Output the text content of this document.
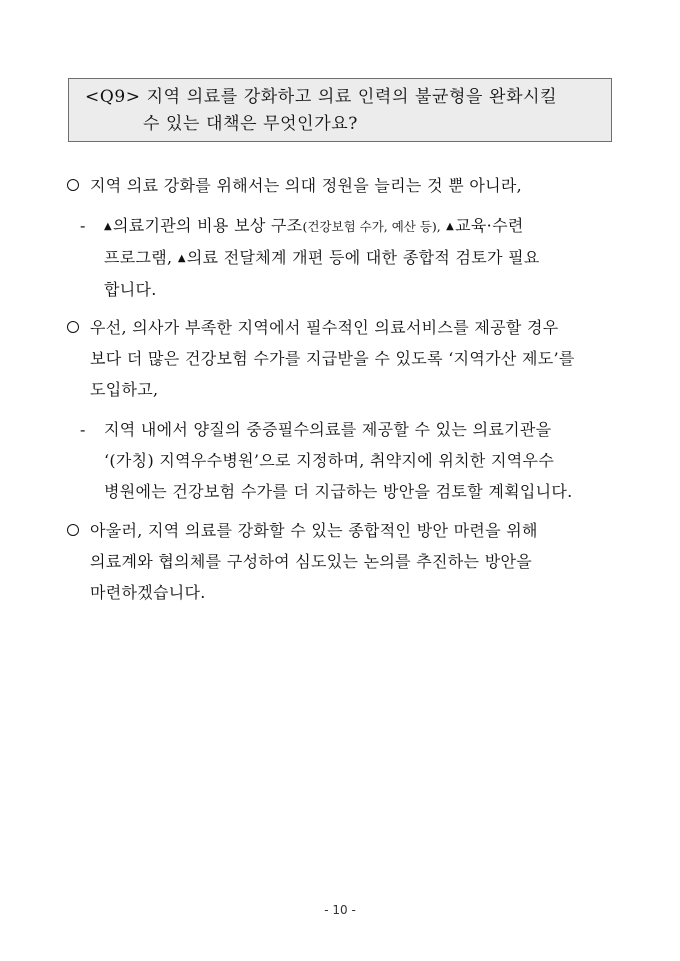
<Q9> 지역 의료를 강화하고 의료 인력의 불균형을 완화시킬
수 있는 대책은 무엇인가요?
지역 의료 강화를 위해서는 의대 정원을 늘리는 것 뿐 아니라,
-	▲의료기관의 비용 보상 구조(건강보험 수가, 예산 등), ▲교육·수련
프로그램, ▲의료 전달체계 개편 등에 대한 종합적 검토가 필요
합니다.
우선, 의사가 부족한 지역에서 필수적인 의료서비스를 제공할 경우
보다 더 많은 건강보험 수가를 지급받을 수 있도록 ‘지역가산 제도’를
도입하고,
-	지역 내에서 양질의 중증필수의료를 제공할 수 있는 의료기관을
‘(가칭) 지역우수병원’으로 지정하며, 취약지에 위치한 지역우수
병원에는 건강보험 수가를 더 지급하는 방안을 검토할 계획입니다.
아울러, 지역 의료를 강화할 수 있는 종합적인 방안 마련을 위해
의료계와 협의체를 구성하여 심도있는 논의를 추진하는 방안을
마련하겠습니다.
- 10 -
